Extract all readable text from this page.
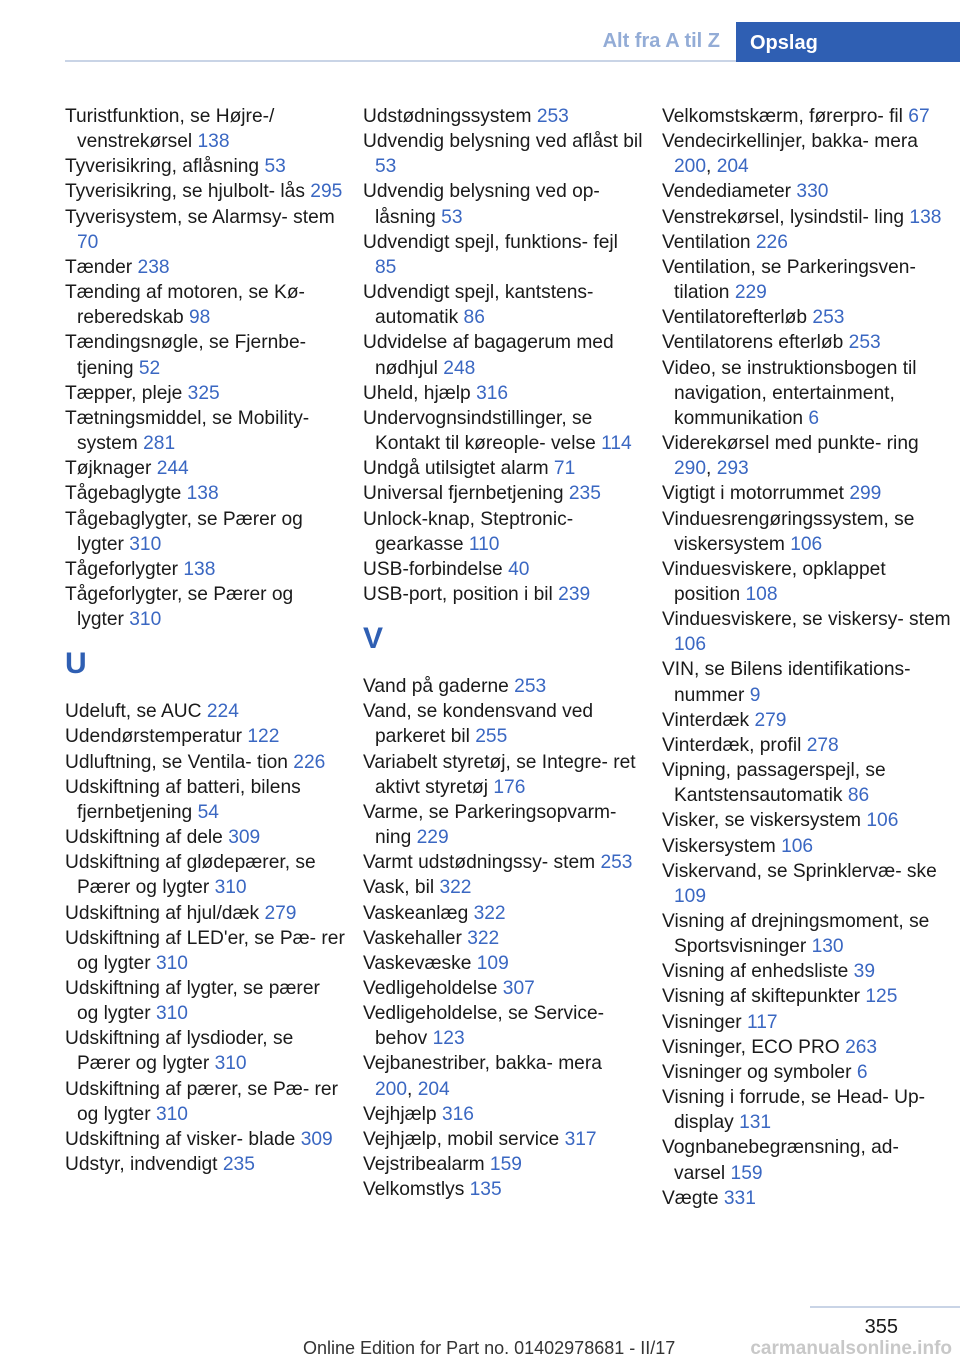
Alt fra A til Z	Opslag

Turistfunktion, se Højre-/ venstrekørsel 138

Tyverisikring, aflåsning 53

Tyverisikring, se hjulbolt- lås 295

Tyverisystem, se Alarmsy- stem 70

Tænder 238

Tænding af motoren, se Kø- reberedskab 98

Tændingsnøgle, se Fjernbe- tjening 52

Tæpper, pleje 325

Tætningsmiddel, se Mobility- system 281

Tøjknager 244

Tågebaglygte 138

Tågebaglygter, se Pærer og lygter 310

Tågeforlygter 138

Tågeforlygter, se Pærer og lygter 310

U

Udeluft, se AUC 224

Udendørstemperatur 122

Udluftning, se Ventila- tion 226

Udskiftning af batteri, bilens fjernbetjening 54

Udskiftning af dele 309

Udskiftning af glødepærer, se Pærer og lygter 310

Udskiftning af hjul/dæk 279

Udskiftning af LED'er, se Pæ- rer og lygter 310

Udskiftning af lygter, se pærer og lygter 310

Udskiftning af lysdioder, se Pærer og lygter 310

Udskiftning af pærer, se Pæ- rer og lygter 310

Udskiftning af visker- blade 309

Udstyr, indvendigt 235

Udstødningssystem 253

Udvendig belysning ved aflåst bil 53

Udvendig belysning ved op- låsning 53

Udvendigt spejl, funktions- fejl 85

Udvendigt spejl, kantstens- automatik 86

Udvidelse af bagagerum med nødhjul 248

Uheld, hjælp 316

Undervognsindstillinger, se Kontakt til køreople- velse 114

Undgå utilsigtet alarm 71

Universal fjernbetjening 235

Unlock-knap, Steptronic- gearkasse 110

USB-forbindelse 40

USB-port, position i bil 239

V

Vand på gaderne 253

Vand, se kondensvand ved parkeret bil 255

Variabelt styretøj, se Integre- ret aktivt styretøj 176

Varme, se Parkeringsopvarm- ning 229

Varmt udstødningssy- stem 253

Vask, bil 322

Vaskeanlæg 322

Vaskehaller 322

Vaskevæske 109

Vedligeholdelse 307

Vedligeholdelse, se Service- behov 123

Vejbanestriber, bakka- mera 200, 204

Vejhjælp 316

Vejhjælp, mobil service 317

Vejstribealarm 159

Velkomstlys 135

Velkomstskærm, førerpro- fil 67

Vendecirkellinjer, bakka- mera 200, 204

Vendediameter 330

Venstrekørsel, lysindstil- ling 138

Ventilation 226

Ventilation, se Parkeringsven- tilation 229

Ventilatorefterløb 253

Ventilatorens efterløb 253

Video, se instruktionsbogen til navigation, entertainment, kommunikation 6

Viderekørsel med punkte- ring 290, 293

Vigtigt i motorrummet 299

Vinduesrengøringssystem, se viskersystem 106

Vinduesviskere, opklappet position 108

Vinduesviskere, se viskersy- stem 106

VIN, se Bilens identifikations- nummer 9

Vinterdæk 279

Vinterdæk, profil 278

Vipning, passagerspejl, se Kantstensautomatik 86

Visker, se viskersystem 106

Viskersystem 106

Viskervand, se Sprinklervæ- ske 109

Visning af drejningsmoment, se Sportsvisninger 130

Visning af enhedsliste 39

Visning af skiftepunkter 125

Visninger 117

Visninger, ECO PRO 263

Visninger og symboler 6

Visning i forrude, se Head- Up-display 131

Vognbanebegrænsning, ad- varsel 159

Vægte 331

355
Online Edition for Part no. 01402978681 - II/17	carmanualsonline.info
